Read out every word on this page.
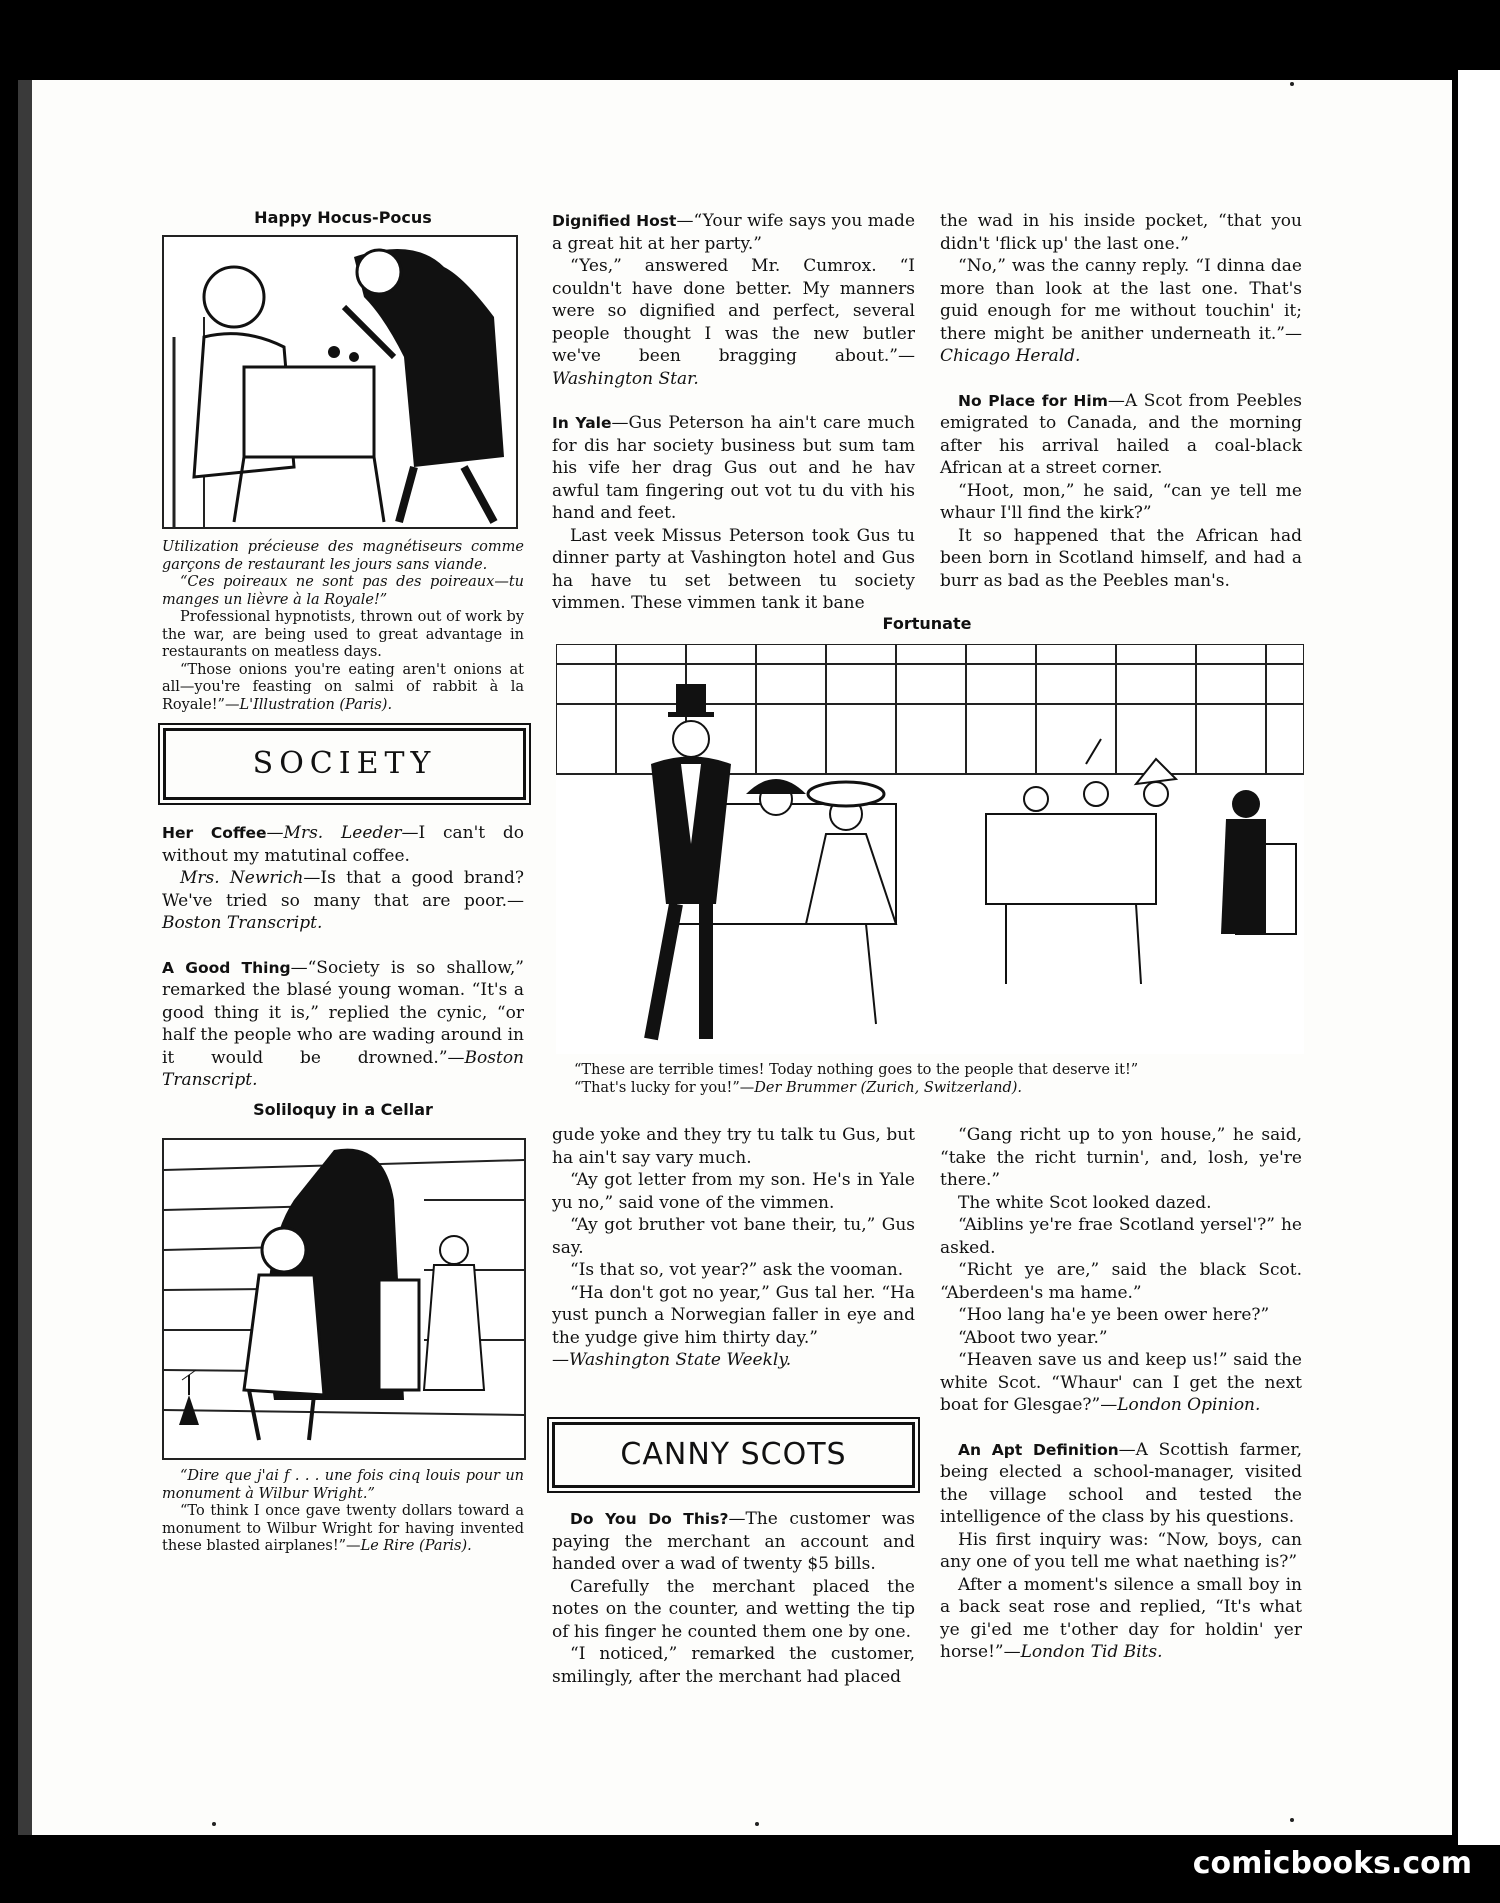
Happy Hocus-Pocus

Utilization précieuse des magnétiseurs comme garçons de restaurant les jours sans viande.

“Ces poireaux ne sont pas des poireaux—tu manges un lièvre à la Royale!”

Professional hypnotists, thrown out of work by the war, are being used to great advantage in restaurants on meatless days.

“Those onions you're eating aren't onions at all—you're feasting on salmi of rabbit à la Royale!”—L'Illustration (Paris).

SOCIETY

Her Coffee—Mrs. Leeder—I can't do without my matutinal coffee.

Mrs. Newrich—Is that a good brand? We've tried so many that are poor.—Boston Transcript.

A Good Thing—“Society is so shallow,” remarked the blasé young woman. “It's a good thing it is,” replied the cynic, “or half the people who are wading around in it would be drowned.”—Boston Transcript.

Soliloquy in a Cellar

“Dire que j'ai f . . . une fois cinq louis pour un monument à Wilbur Wright.”

“To think I once gave twenty dollars toward a monument to Wilbur Wright for having invented these blasted airplanes!”—Le Rire (Paris).

Dignified Host—“Your wife says you made a great hit at her party.”

“Yes,” answered Mr. Cumrox. “I couldn't have done better. My manners were so dignified and perfect, several people thought I was the new butler we've been bragging about.”—Washington Star.

In Yale—Gus Peterson ha ain't care much for dis har society business but sum tam his vife her drag Gus out and he hav awful tam fingering out vot tu du vith his hand and feet.

Last veek Missus Peterson took Gus tu dinner party at Vashington hotel and Gus ha have tu set between tu society vimmen. These vimmen tank it bane

the wad in his inside pocket, “that you didn't 'flick up' the last one.”

“No,” was the canny reply. “I dinna dae more than look at the last one. That's guid enough for me without touchin' it; there might be anither underneath it.”—Chicago Herald.

No Place for Him—A Scot from Peebles emigrated to Canada, and the morning after his arrival hailed a coal-black African at a street corner.

“Hoot, mon,” he said, “can ye tell me whaur I'll find the kirk?”

It so happened that the African had been born in Scotland himself, and had a burr as bad as the Peebles man's.

Fortunate

“These are terrible times! Today nothing goes to the people that deserve it!”

“That's lucky for you!”—Der Brummer (Zurich, Switzerland).

gude yoke and they try tu talk tu Gus, but ha ain't say vary much.

“Ay got letter from my son. He's in Yale yu no,” said vone of the vimmen.

“Ay got bruther vot bane their, tu,” Gus say.

“Is that so, vot year?” ask the vooman.

“Ha don't got no year,” Gus tal her. “Ha yust punch a Norwegian faller in eye and the yudge give him thirty day.”

—Washington State Weekly.

CANNY SCOTS

Do You Do This?—The customer was paying the merchant an account and handed over a wad of twenty $5 bills.

Carefully the merchant placed the notes on the counter, and wetting the tip of his finger he counted them one by one.

“I noticed,” remarked the customer, smilingly, after the merchant had placed

“Gang richt up to yon house,” he said, “take the richt turnin', and, losh, ye're there.”

The white Scot looked dazed.

“Aiblins ye're frae Scotland yersel'?” he asked.

“Richt ye are,” said the black Scot. “Aberdeen's ma hame.”

“Hoo lang ha'e ye been ower here?”

“Aboot two year.”

“Heaven save us and keep us!” said the white Scot. “Whaur' can I get the next boat for Glesgae?”—London Opinion.

An Apt Definition—A Scottish farmer, being elected a school-manager, visited the village school and tested the intelligence of the class by his questions.

His first inquiry was: “Now, boys, can any one of you tell me what naething is?”

After a moment's silence a small boy in a back seat rose and replied, “It's what ye gi'ed me t'other day for holdin' yer horse!”—London Tid Bits.

comicbooks.com
